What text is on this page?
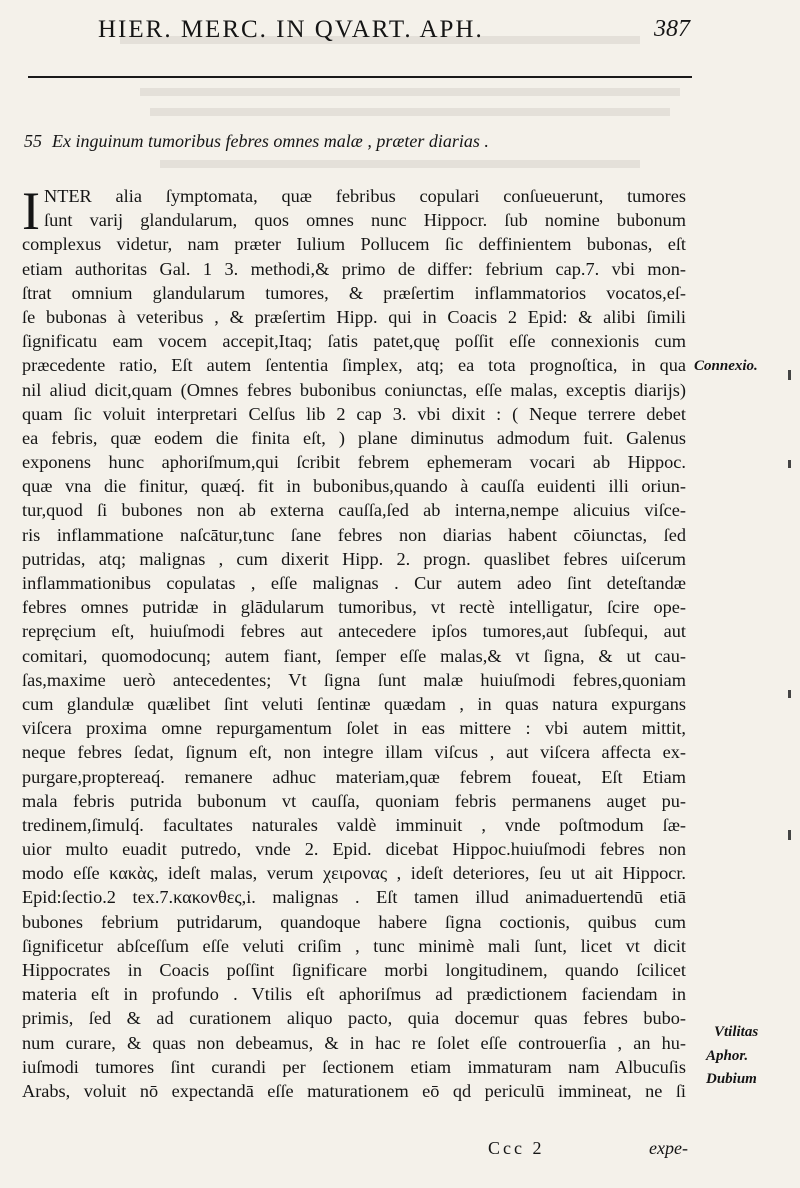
HIER. MERC. IN QVART. APH.	387
55 Ex inguinum tumoribus febres omnes malæ , præter diarias .
I NTER alia ſymptomata, quæ febribus copulari conſueuerunt, tumores
ſunt varij glandularum, quos omnes nunc Hippocr. ſub nomine bubonum
complexus videtur, nam præter Iulium Pollucem ſic deffinientem bubonas, eſt
etiam authoritas Gal. 1 3. methodi,& primo de differ: febrium cap.7. vbi mon-
ſtrat omnium glandularum tumores, & præſertim inflammatorios vocatos,eſ-
ſe bubonas à veteribus , & præſertim Hipp. qui in Coacis 2 Epid: & alibi ſimili
ſignificatu eam vocem accepit,Itaq; ſatis patet,quę poſſit eſſe connexionis cum
præcedente ratio, Eſt autem ſententia ſimplex, atq; ea tota prognoſtica, in qua
nil aliud dicit,quam (Omnes febres bubonibus coniunctas, eſſe malas, exceptis diarijs)
quam ſic voluit interpretari Celſus lib 2 cap 3. vbi dixit : ( Neque terrere debet
ea febris, quæ eodem die finita eſt, ) plane diminutus admodum fuit. Galenus
exponens hunc aphoriſmum,qui ſcribit febrem ephemeram vocari ab Hippoc.
quæ vna die finitur, quæq́. fit in bubonibus,quando à cauſſa euidenti illi oriun-
tur,quod ſi bubones non ab externa cauſſa,ſed ab interna,nempe alicuius viſce-
ris inflammatione naſcātur,tunc ſane febres non diarias habent cōiunctas, ſed
putridas, atq; malignas , cum dixerit Hipp. 2. progn. quaslibet febres uiſcerum
inflammationibus copulatas , eſſe malignas . Cur autem adeo ſint deteſtandæ
febres omnes putridæ in glādularum tumoribus, vt rectè intelligatur, ſcire ope-
repręcium eſt, huiuſmodi febres aut antecedere ipſos tumores,aut ſubſequi, aut
comitari, quomodocunq; autem fiant, ſemper eſſe malas,& vt ſigna, & ut cau-
ſas,maxime uerò antecedentes; Vt ſigna ſunt malæ huiuſmodi febres,quoniam
cum glandulæ quælibet ſint veluti ſentinæ quædam , in quas natura expurgans
viſcera proxima omne repurgamentum ſolet in eas mittere : vbi autem mittit,
neque febres ſedat, ſignum eſt, non integre illam viſcus , aut viſcera affecta ex-
purgare,proptereaq́. remanere adhuc materiam,quæ febrem foueat, Eſt Etiam
mala febris putrida bubonum vt cauſſa, quoniam febris permanens auget pu-
tredinem,ſimulq́. facultates naturales valdè imminuit , vnde poſtmodum ſæ-
uior multo euadit putredo, vnde 2. Epid. dicebat Hippoc.huiuſmodi febres non
modo eſſe κακὰς, ideſt malas, verum χειρονας , ideſt deteriores, ſeu ut ait Hippocr.
Epid:ſectio.2 tex.7.κακονθες,i. malignas . Eſt tamen illud animaduertendū etiā
bubones febrium putridarum, quandoque habere ſigna coctionis, quibus cum
ſignificetur abſceſſum eſſe veluti criſim , tunc minimè mali ſunt, licet vt dicit
Hippocrates in Coacis poſſint ſignificare morbi longitudinem, quando ſcilicet
materia eſt in profundo . Vtilis eſt aphoriſmus ad prædictionem faciendam in
primis, ſed & ad curationem aliquo pacto, quia docemur quas febres bubo-
num curare, & quas non debeamus, & in hac re ſolet eſſe controuerſia , an hu-
iuſmodi tumores ſint curandi per ſectionem etiam immaturam nam Albucuſis
Arabs, voluit nō expectandā eſſe maturationem eō qd periculū immineat, ne ſi
Connexio.
Vtilitas
Aphor.
Dubium
Ccc 2	expe-
